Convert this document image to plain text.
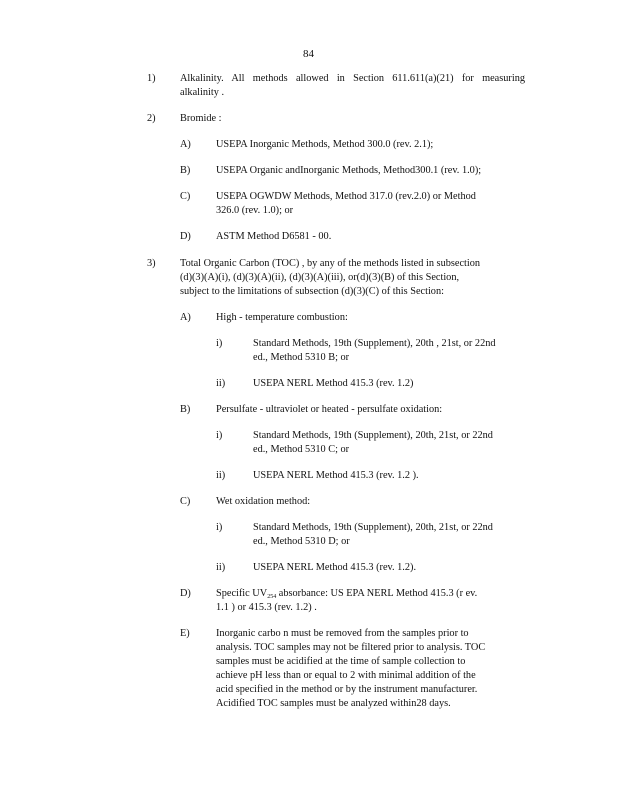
84
1) Alkalinity. All methods allowed in Section 611.611(a)(21) for measuring
alkalinity .
2) Bromide :
A) USEPA Inorganic Methods, Method 300.0 (rev. 2.1);
B) USEPA Organic andInorganic Methods, Method300.1 (rev. 1.0);
C) USEPA OGWDW Methods, Method 317.0 (rev.2.0) or Method
326.0 (rev. 1.0); or
D) ASTM Method D6581 - 00.
3) Total Organic Carbon (TOC) , by any of the methods listed in subsection
(d)(3)(A)(i), (d)(3)(A)(ii), (d)(3)(A)(iii), or(d)(3)(B) of this Section,
subject to the limitations of subsection (d)(3)(C) of this Section:
A) High - temperature combustion:
i)	Standard Methods, 19th (Supplement), 20th , 21st, or 22nd
ed., Method 5310 B; or
ii)	USEPA NERL Method 415.3 (rev. 1.2)
B) Persulfate - ultraviolet or heated - persulfate oxidation:
i)	Standard Methods, 19th (Supplement), 20th, 21st, or 22nd
ed., Method 5310 C; or
ii)	USEPA NERL Method 415.3 (rev. 1.2 ).
C) Wet oxidation method:
i)	Standard Methods, 19th (Supplement), 20th, 21st, or 22nd
ed., Method 5310 D; or
ii)	USEPA NERL Method 415.3 (rev. 1.2).
D) Specific $UV_{254}$ absorbance: US EPA NERL Method 415.3 (r ev.
1.1 ) or 415.3 (rev. 1.2) .
E)	Inorganic carbo n must be removed from the samples prior to
analysis. TOC samples may not be filtered prior to analysis. TOC
samples must be acidified at the time of sample collection to
achieve pH less than or equal to 2 with minimal addition of the
acid specified in the method or by the instrument manufacturer.
Acidified TOC samples must be analyzed within28 days.
